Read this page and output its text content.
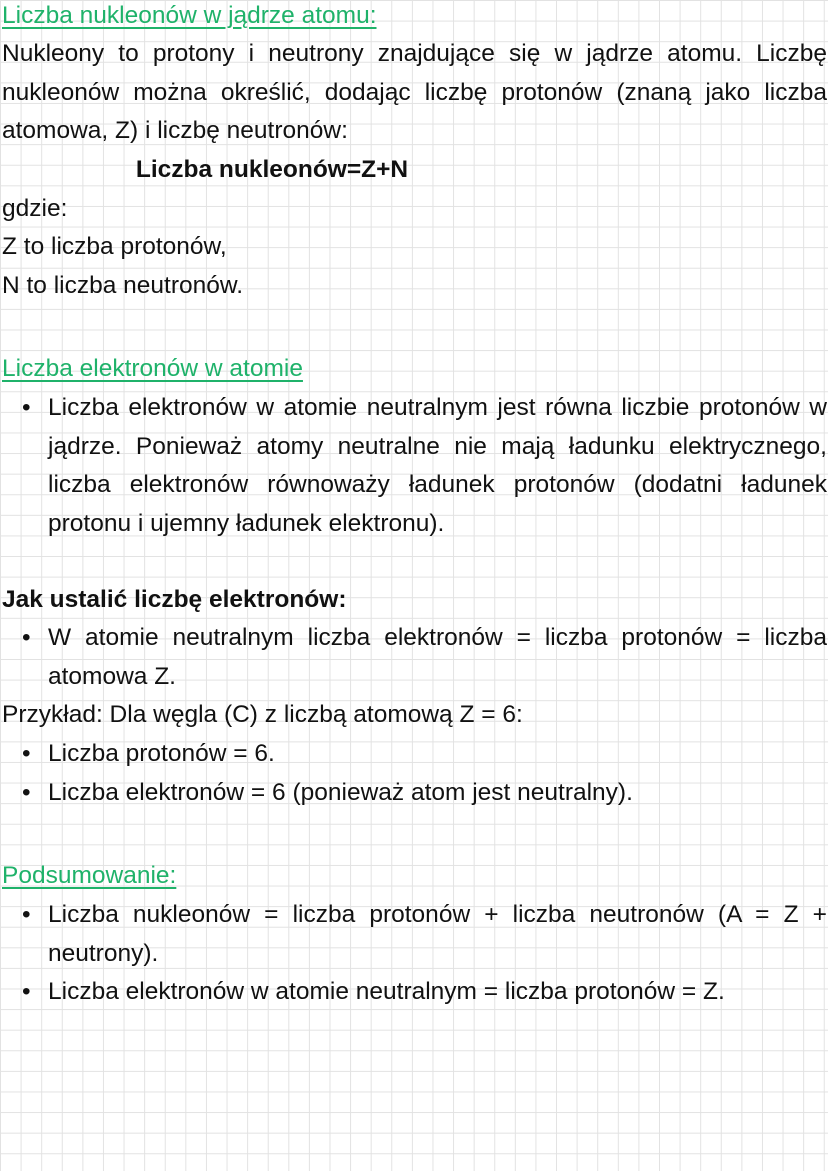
Liczba nukleonów w jądrze atomu:
Nukleony to protony i neutrony znajdujące się w jądrze atomu. Liczbę nukleonów można określić, dodając liczbę protonów (znaną jako liczba atomowa, Z) i liczbę neutronów:
Liczba nukleonów=Z+N
gdzie:
Z to liczba protonów,
N to liczba neutronów.
Liczba elektronów w atomie
• Liczba elektronów w atomie neutralnym jest równa liczbie protonów w jądrze. Ponieważ atomy neutralne nie mają ładunku elektrycznego, liczba elektronów równoważy ładunek protonów (dodatni ładunek protonu i ujemny ładunek elektronu).
Jak ustalić liczbę elektronów:
• W atomie neutralnym liczba elektronów = liczba protonów = liczba atomowa Z.
Przykład: Dla węgla (C) z liczbą atomową Z = 6:
• Liczba protonów = 6.
• Liczba elektronów = 6 (ponieważ atom jest neutralny).
Podsumowanie:
• Liczba nukleonów = liczba protonów + liczba neutronów (A = Z + neutrony).
• Liczba elektronów w atomie neutralnym = liczba protonów = Z.
